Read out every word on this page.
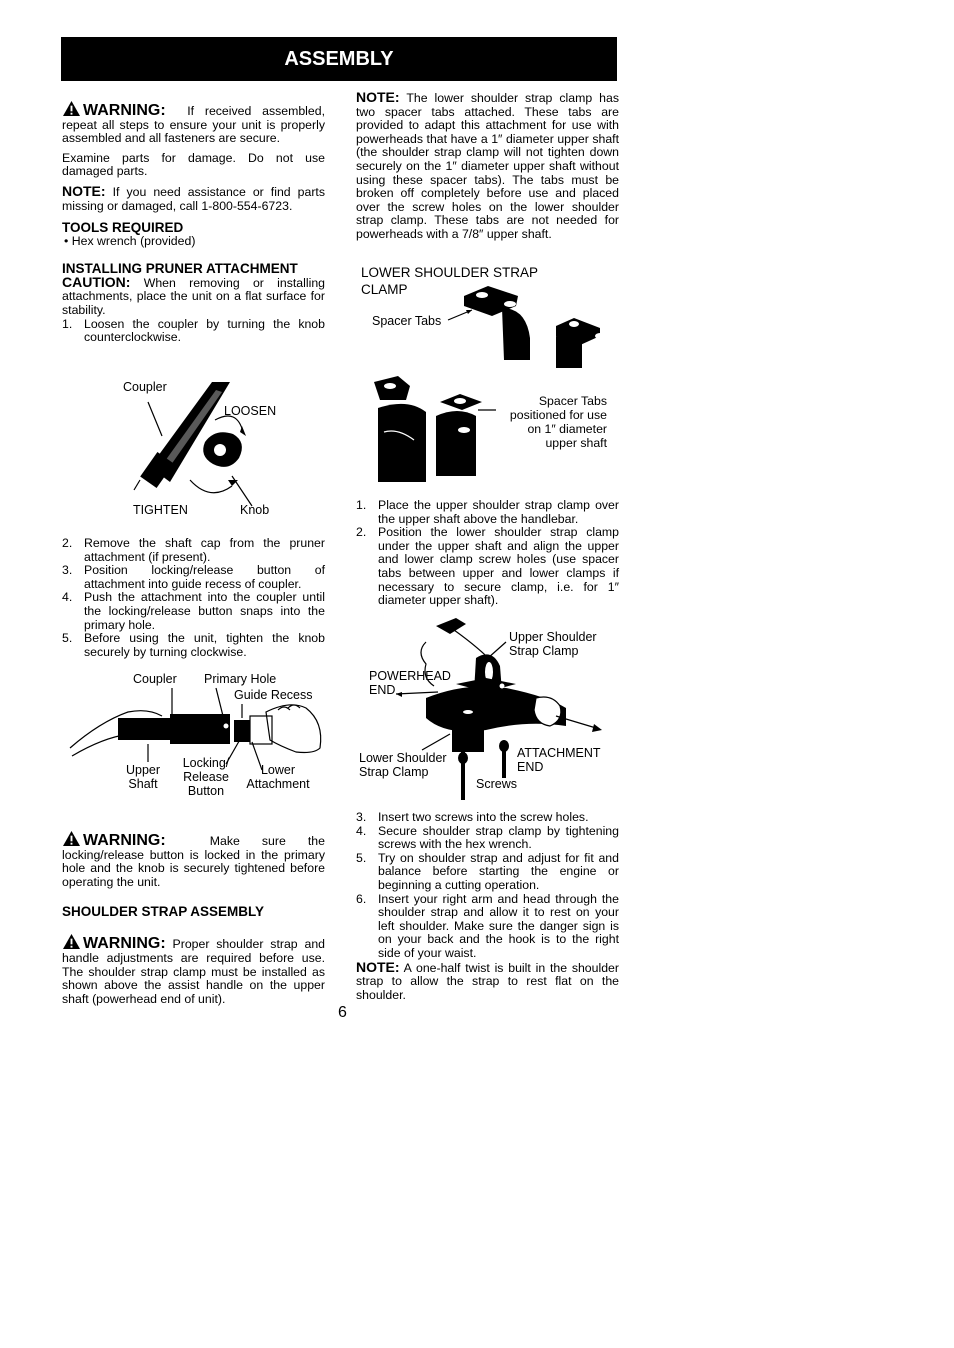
ASSEMBLY

WARNING: If received assembled, repeat all steps to ensure your unit is properly assembled and all fasteners are secure.

Examine parts for damage. Do not use damaged parts.

NOTE: If you need assistance or find parts missing or damaged, call 1-800-554-6723.

TOOLS REQUIRED
• Hex wrench (provided)
INSTALLING PRUNER ATTACHMENT

CAUTION: When removing or installing attachments, place the unit on a flat surface for stability.

1. Loosen the coupler by turning the knob counterclockwise.
Coupler
LOOSEN
TIGHTEN	Knob
2. Remove the shaft cap from the pruner attachment (if present).
3. Position locking/release button of attachment into guide recess of coupler.
4. Push the attachment into the coupler until the locking/release button snaps into the primary hole.
5. Before using the unit, tighten the knob securely by turning clockwise.
Coupler Primary Hole
Guide Recess
Upper Shaft
Locking/ Release Button
Lower Attachment

WARNING:	Make sure the locking/release button is locked in the primary hole and the knob is securely tightened before operating the unit.

SHOULDER STRAP ASSEMBLY

WARNING: Proper shoulder strap and handle adjustments are required before use. The shoulder strap clamp must be installed as shown above the assist handle on the upper shaft (powerhead end of unit).

NOTE: The lower shoulder strap clamp has two spacer tabs attached. These tabs are provided to adapt this attachment for use with powerheads that have a 1″ diameter upper shaft (the shoulder strap clamp will not tighten down securely on the 1″ diameter upper shaft without using these spacer tabs). The tabs must be broken off completely before use and placed over the screw holes on the lower shoulder strap clamp. These tabs are not needed for powerheads with a 7/8″ upper shaft.

LOWER SHOULDER STRAP CLAMP
Spacer Tabs
Spacer Tabs positioned for use on 1″ diameter upper shaft
1. Place the upper shoulder strap clamp over the upper shaft above the handlebar.
2. Position the lower shoulder strap clamp under the upper shaft and align the upper and lower clamp screw holes (use spacer tabs between upper and lower clamps if necessary to secure clamp, i.e. for 1″ diameter upper shaft).
Upper Shoulder Strap Clamp
POWERHEAD END
Lower Shoulder Strap Clamp
ATTACHMENT END
Screws
3. Insert two screws into the screw holes.
4. Secure shoulder strap clamp by tightening screws with the hex wrench.
5. Try on shoulder strap and adjust for fit and balance before starting the engine or beginning a cutting operation.
6. Insert your right arm and head through the shoulder strap and allow it to rest on your left shoulder. Make sure the danger sign is on your back and the hook is to the right side of your waist.

NOTE: A one-half twist is built in the shoulder strap to allow the strap to rest flat on the shoulder.

6
